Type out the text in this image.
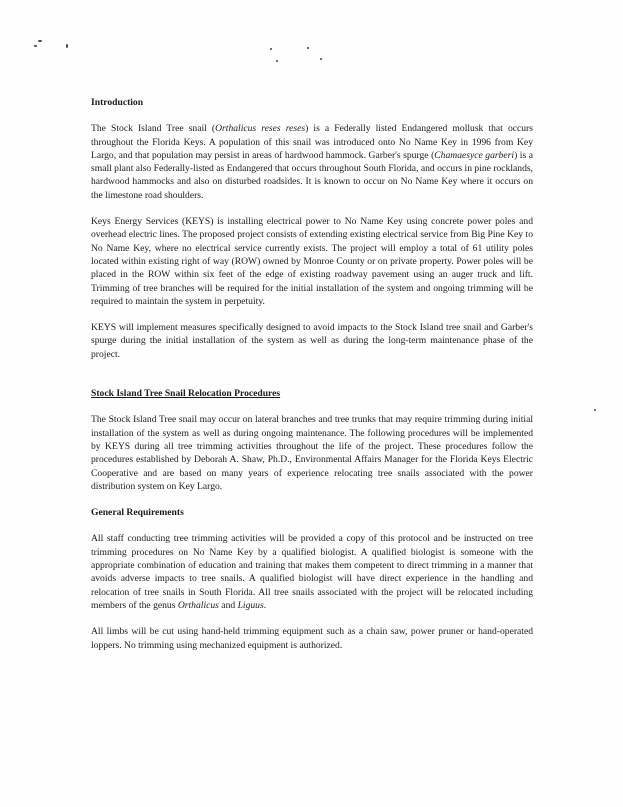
Introduction

The Stock Island Tree snail (Orthalicus reses reses) is a Federally listed Endangered mollusk that occurs throughout the Florida Keys. A population of this snail was introduced onto No Name Key in 1996 from Key Largo, and that population may persist in areas of hardwood hammock. Garber's spurge (Chamaesyce garberi) is a small plant also Federally-listed as Endangered that occurs throughout South Florida, and occurs in pine rocklands, hardwood hammocks and also on disturbed roadsides. It is known to occur on No Name Key where it occurs on the limestone road shoulders.

Keys Energy Services (KEYS) is installing electrical power to No Name Key using concrete power poles and overhead electric lines. The proposed project consists of extending existing electrical service from Big Pine Key to No Name Key, where no electrical service currently exists. The project will employ a total of 61 utility poles located within existing right of way (ROW) owned by Monroe County or on private property. Power poles will be placed in the ROW within six feet of the edge of existing roadway pavement using an auger truck and lift. Trimming of tree branches will be required for the initial installation of the system and ongoing trimming will be required to maintain the system in perpetuity.

KEYS will implement measures specifically designed to avoid impacts to the Stock Island tree snail and Garber's spurge during the initial installation of the system as well as during the long-term maintenance phase of the project.

Stock Island Tree Snail Relocation Procedures

The Stock Island Tree snail may occur on lateral branches and tree trunks that may require trimming during initial installation of the system as well as during ongoing maintenance. The following procedures will be implemented by KEYS during all tree trimming activities throughout the life of the project. These procedures follow the procedures established by Deborah A. Shaw, Ph.D., Environmental Affairs Manager for the Florida Keys Electric Cooperative and are based on many years of experience relocating tree snails associated with the power distribution system on Key Largo.

General Requirements

All staff conducting tree trimming activities will be provided a copy of this protocol and be instructed on tree trimming procedures on No Name Key by a qualified biologist. A qualified biologist is someone with the appropriate combination of education and training that makes them competent to direct trimming in a manner that avoids adverse impacts to tree snails. A qualified biologist will have direct experience in the handling and relocation of tree snails in South Florida. All tree snails associated with the project will be relocated including members of the genus Orthalicus and Liguus.

All limbs will be cut using hand-held trimming equipment such as a chain saw, power pruner or hand-operated loppers. No trimming using mechanized equipment is authorized.
